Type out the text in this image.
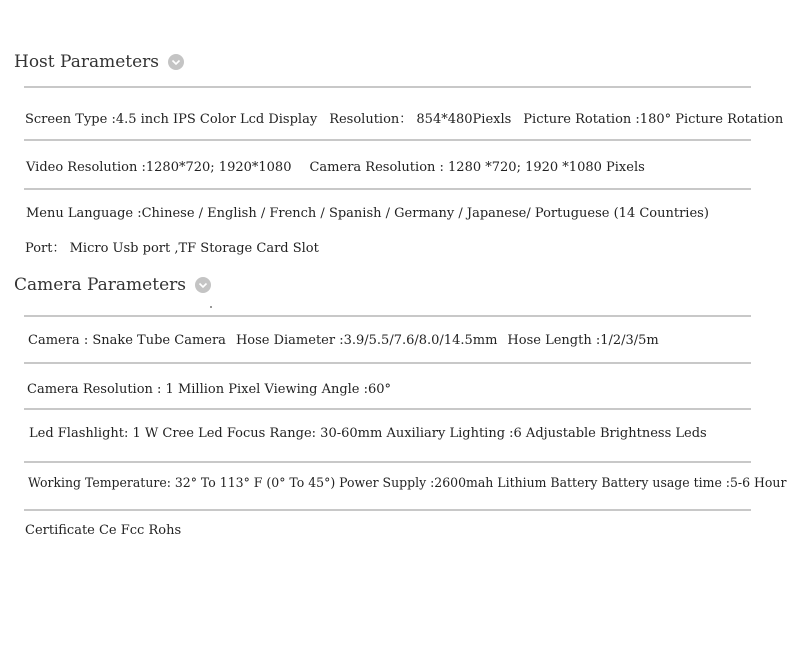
Host Parameters
Screen Type :4.5 inch IPS Color Lcd Display Resolution： 854*480Piexls Picture Rotation :180° Picture Rotation
Video Resolution :1280*720; 1920*1080 Camera Resolution : 1280 *720; 1920 *1080 Pixels
Menu Language :Chinese / English / French / Spanish / Germany / Japanese/ Portuguese (14 Countries)
Port： Micro Usb port ,TF Storage Card Slot
Camera Parameters
Camera : Snake Tube Camera Hose Diameter :3.9/5.5/7.6/8.0/14.5mm Hose Length :1/2/3/5m
Camera Resolution : 1 Million Pixel Viewing Angle :60°
Led Flashlight: 1 W Cree Led Focus Range: 30-60mm Auxiliary Lighting :6 Adjustable Brightness Leds
Working Temperature: 32° To 113° F (0° To 45°) Power Supply :2600mah Lithium Battery Battery usage time :5-6 Hour
Certificate Ce Fcc Rohs
